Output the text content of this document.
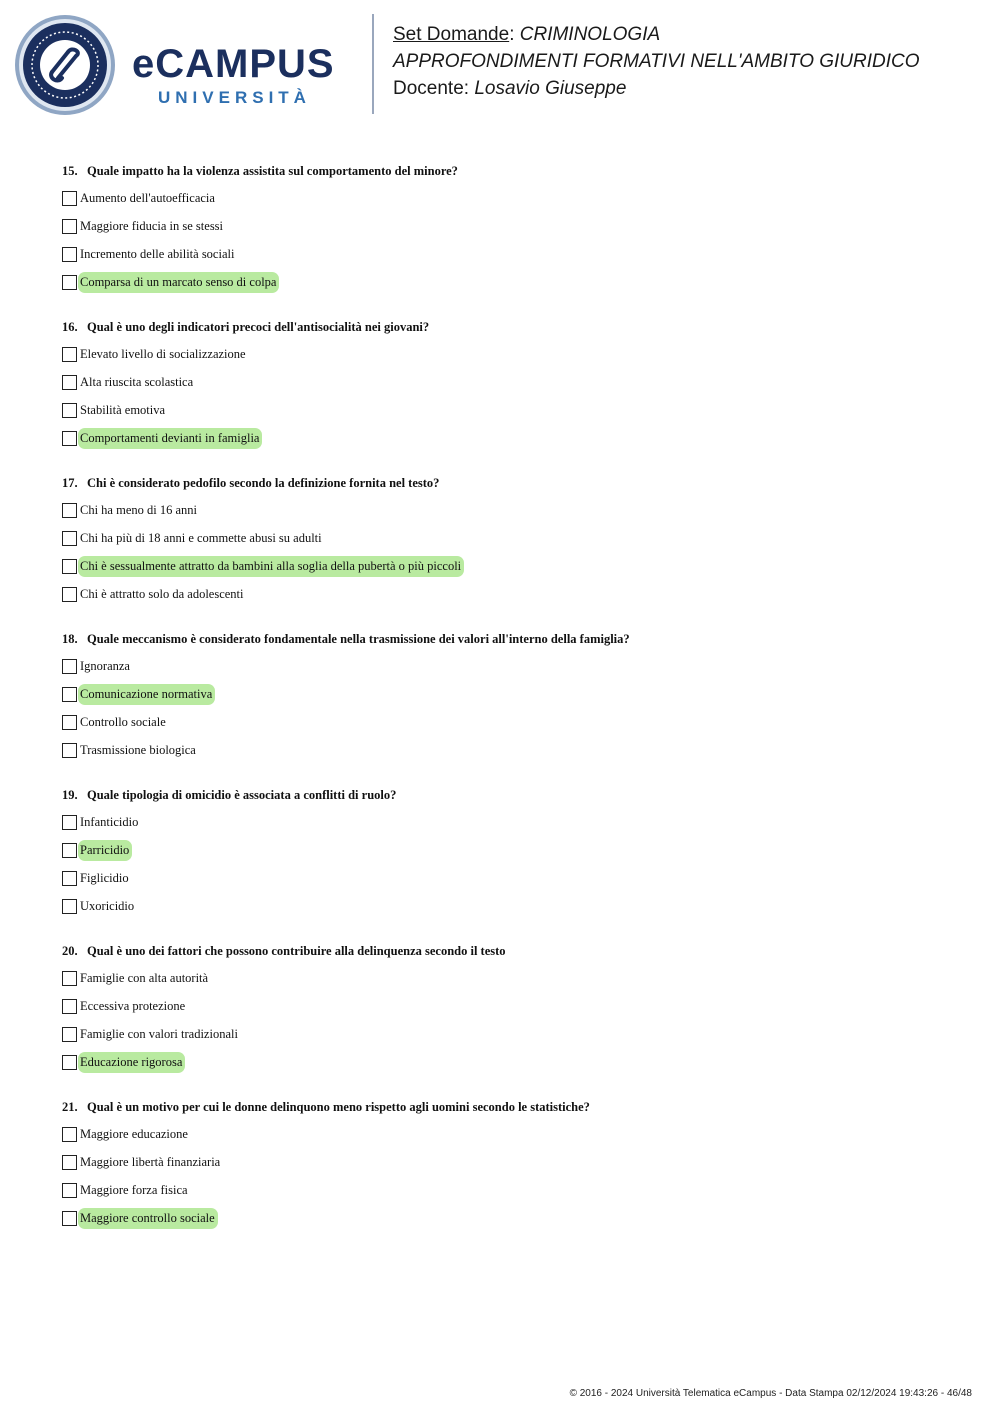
eCAMPUS
UNIVERSITÀ
Set Domande: CRIMINOLOGIA
APPROFONDIMENTI FORMATIVI NELL'AMBITO GIURIDICO
Docente: Losavio Giuseppe
15. Quale impatto ha la violenza assistita sul comportamento del minore?
Aumento dell'autoefficacia
Maggiore fiducia in se stessi
Incremento delle abilità sociali
Comparsa di un marcato senso di colpa
16. Qual è uno degli indicatori precoci dell'antisocialità nei giovani?
Elevato livello di socializzazione
Alta riuscita scolastica
Stabilità emotiva
Comportamenti devianti in famiglia
17. Chi è considerato pedofilo secondo la definizione fornita nel testo?
Chi ha meno di 16 anni
Chi ha più di 18 anni e commette abusi su adulti
Chi è sessualmente attratto da bambini alla soglia della pubertà o più piccoli
Chi è attratto solo da adolescenti
18. Quale meccanismo è considerato fondamentale nella trasmissione dei valori all'interno della famiglia?
Ignoranza
Comunicazione normativa
Controllo sociale
Trasmissione biologica
19. Quale tipologia di omicidio è associata a conflitti di ruolo?
Infanticidio
Parricidio
Figlicidio
Uxoricidio
20. Qual è uno dei fattori che possono contribuire alla delinquenza secondo il testo
Famiglie con alta autorità
Eccessiva protezione
Famiglie con valori tradizionali
Educazione rigorosa
21. Qual è un motivo per cui le donne delinquono meno rispetto agli uomini secondo le statistiche?
Maggiore educazione
Maggiore libertà finanziaria
Maggiore forza fisica
Maggiore controllo sociale
© 2016 - 2024 Università Telematica eCampus - Data Stampa 02/12/2024 19:43:26 - 46/48
